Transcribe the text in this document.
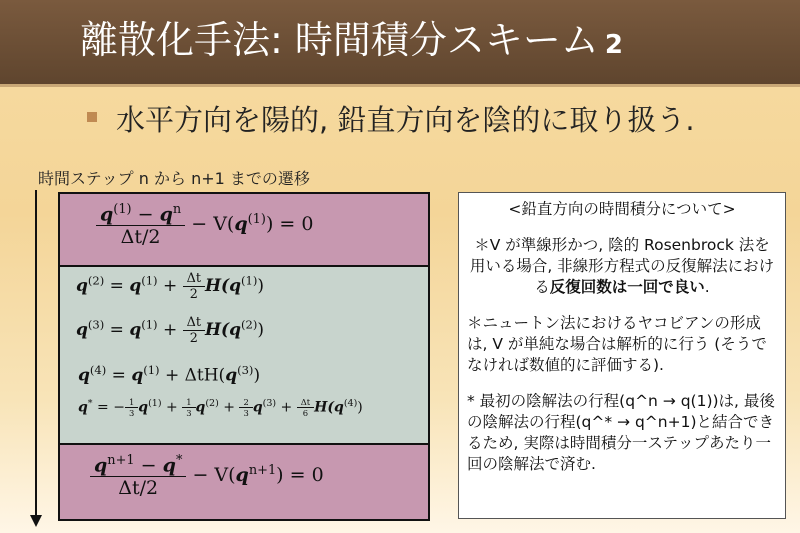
離散化手法: 時間積分スキーム 2
水平方向を陽的, 鉛直方向を陰的に取り扱う.
時間ステップ n から n+1 までの遷移
$\frac{q^{(1)} - q^n}{\Delta t/2} - V(q^{(1)}) = 0$
$q^{(2)} = q^{(1)} + \frac{\Delta t}{2} H(q^{(1)})$
$q^{(3)} = q^{(1)} + \frac{\Delta t}{2} H(q^{(2)})$
$q^{(4)} = q^{(1)} + \Delta tH(q^{(3)})$
q* = − $\frac{1}{3} q^{(1)} + \frac{1}{3} q^{(2)} + \frac{2}{3} q^{(3)} + \frac{\Delta t}{6} H(q^{(4)})$
$\frac{q^{n+1} - q^*}{\Delta t/2} - V(q^{n+1}) = 0$

<鉛直方向の時間積分について>

＊V が準線形かつ, 陰的 Rosenbrock 法を用いる場合, 非線形方程式の反復解法における反復回数は一回で良い.

＊ニュートン法におけるヤコビアンの形成は, V が単純な場合は解析的に行う (そうでなければ数値的に評価する).

* 最初の陰解法の行程(q^n → q(1))は, 最後の陰解法の行程(q^* → q^n+1)と結合できるため, 実際は時間積分一ステップあたり一回の陰解法で済む.
